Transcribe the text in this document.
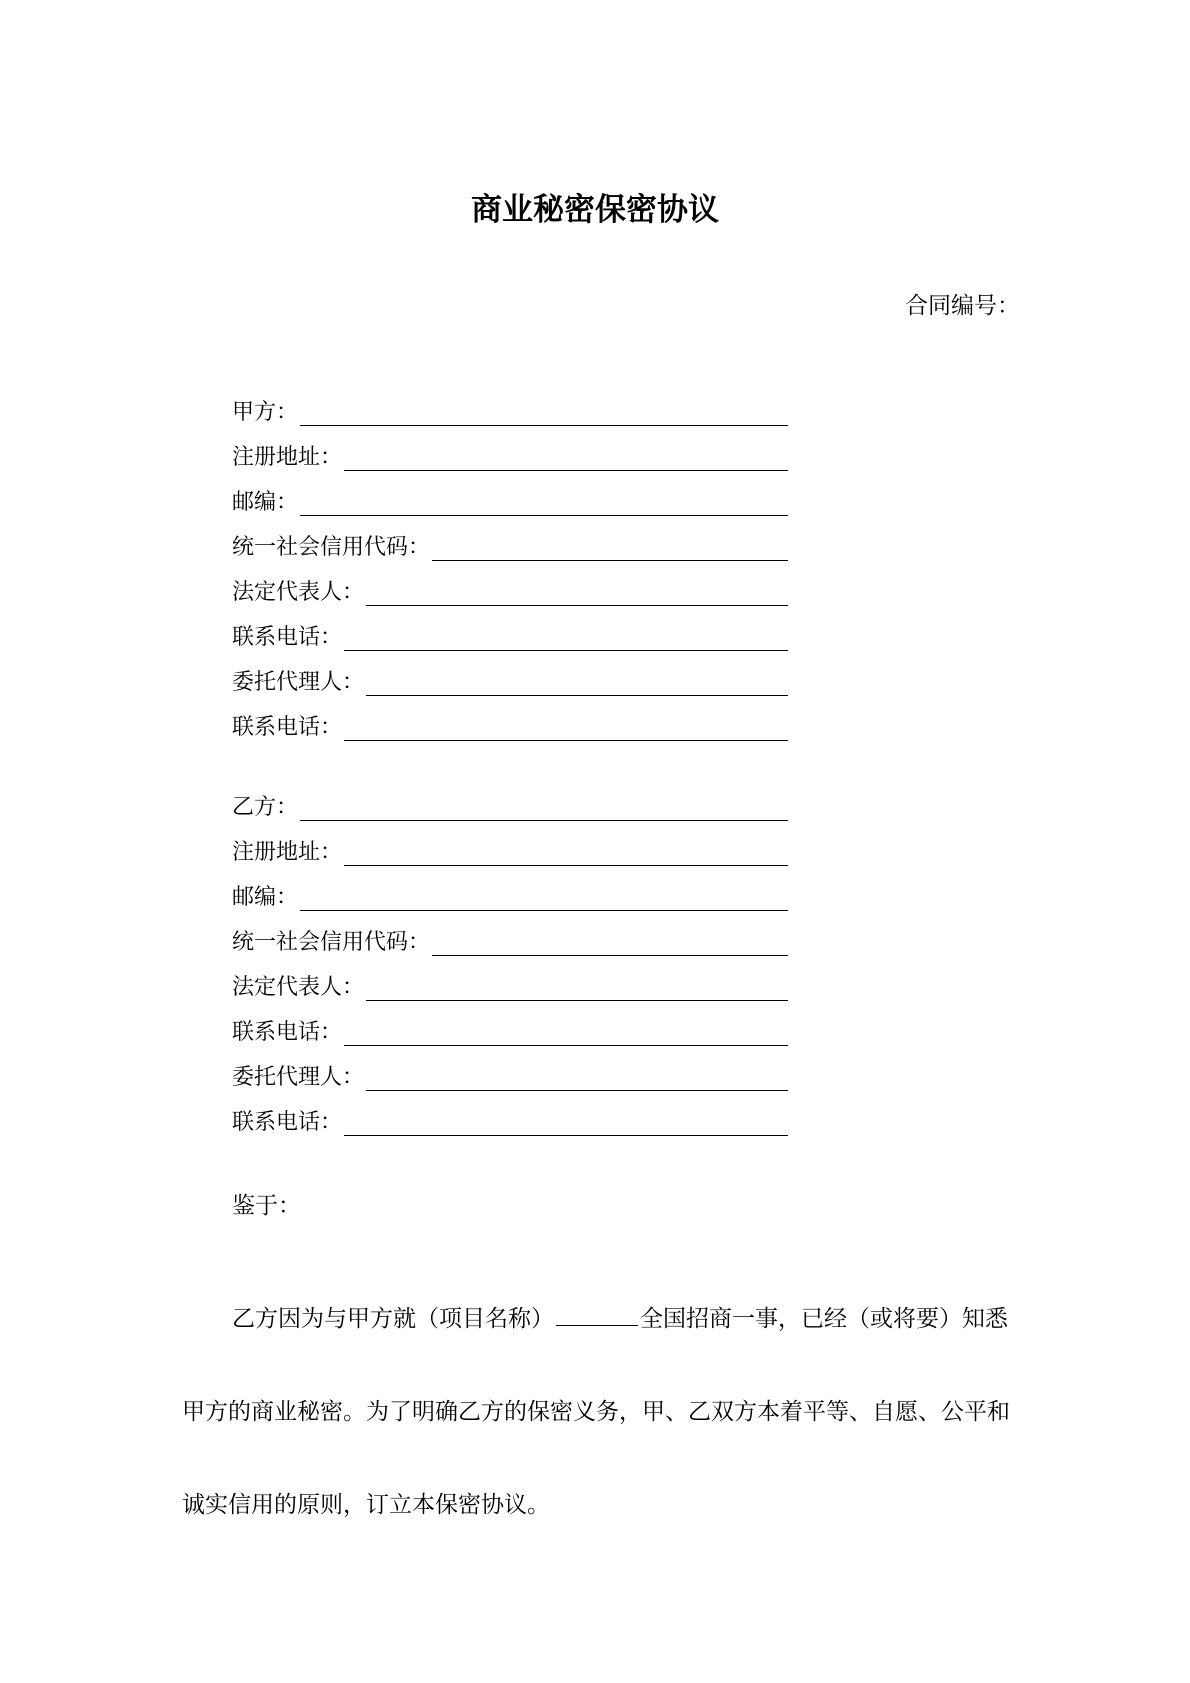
商业秘密保密协议
合同编号：
甲方：
注册地址：
邮编：
统一社会信用代码：
法定代表人：
联系电话：
委托代理人：
联系电话：
乙方：
注册地址：
邮编：
统一社会信用代码：
法定代表人：
联系电话：
委托代理人：
联系电话：
鉴于：
乙方因为与甲方就（项目名称）	全国招商一事，已经（或将要）知悉甲方的商业秘密。为了明确乙方的保密义务，甲、乙双方本着平等、自愿、公平和诚实信用的原则，订立本保密协议。
